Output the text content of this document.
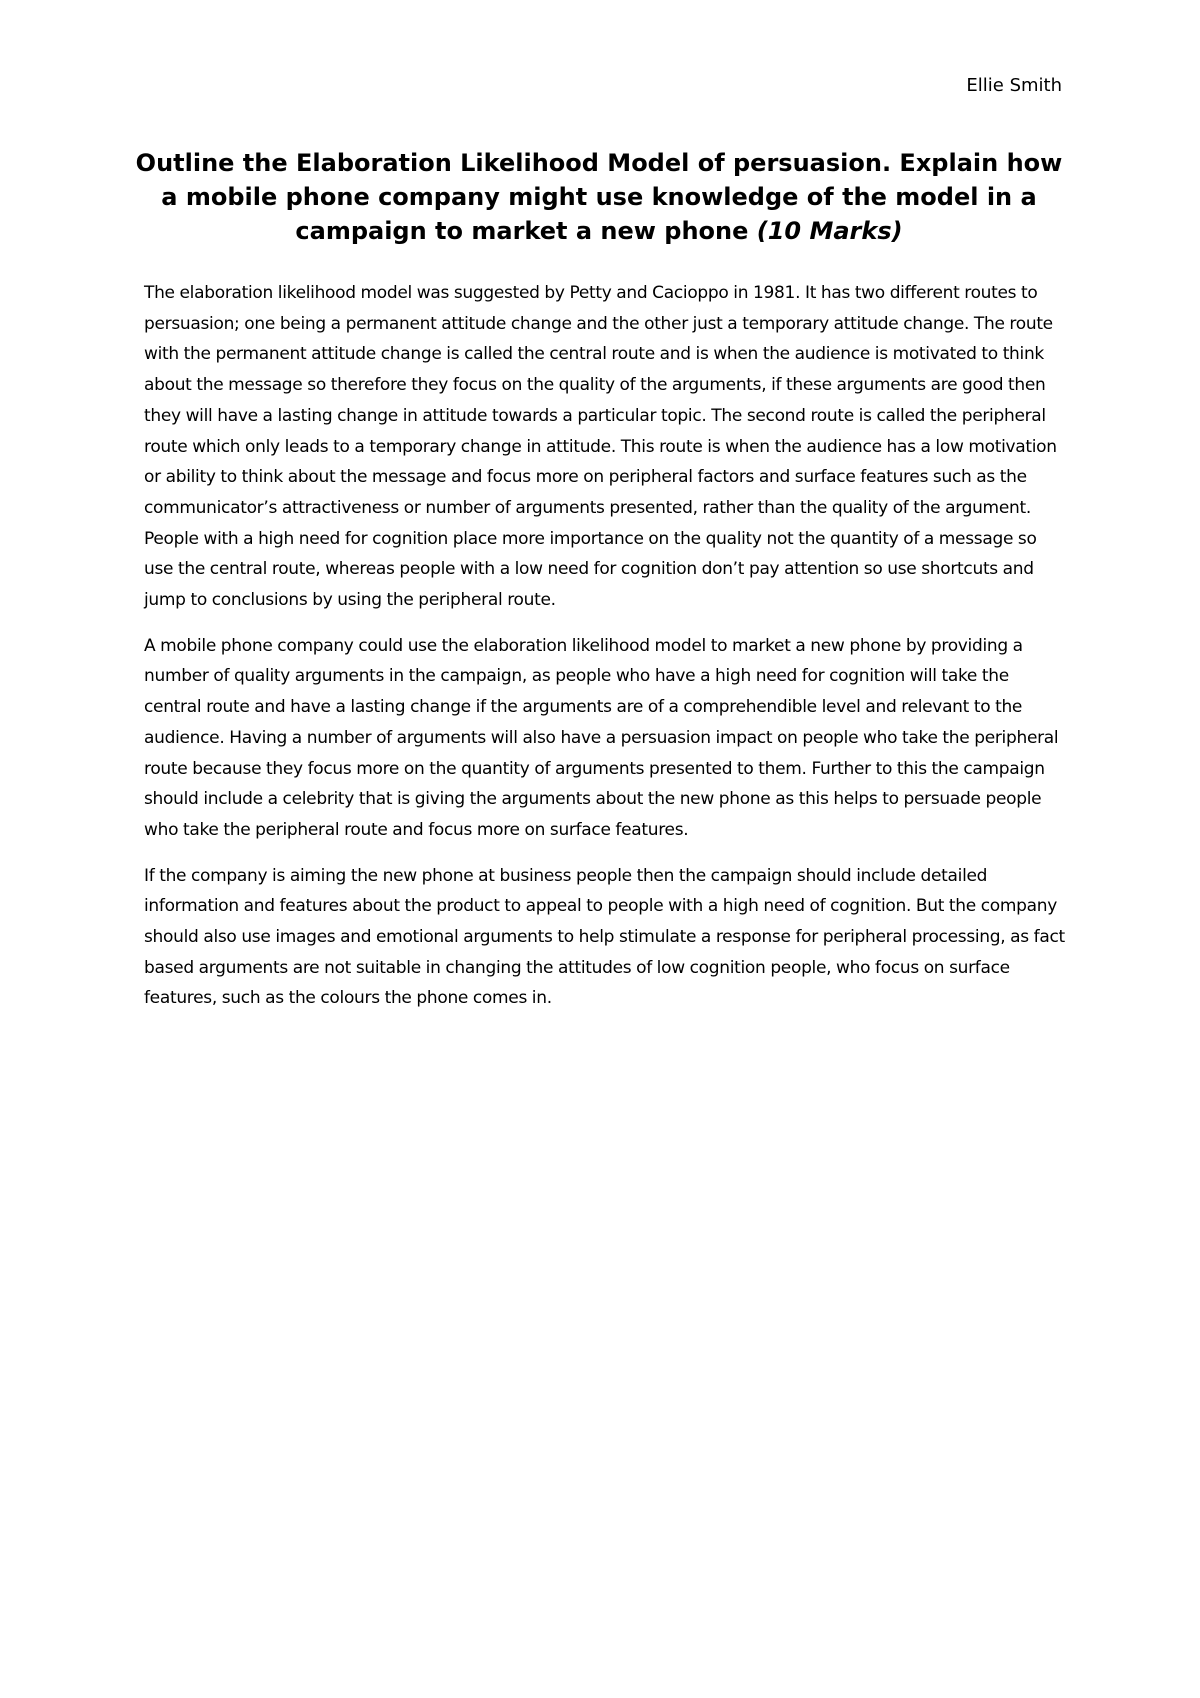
Ellie Smith

Outline the Elaboration Likelihood Model of persuasion. Explain how a mobile phone company might use knowledge of the model in a campaign to market a new phone (10 Marks)

The elaboration likelihood model was suggested by Petty and Cacioppo in 1981. It has two different routes to persuasion; one being a permanent attitude change and the other just a temporary attitude change. The route with the permanent attitude change is called the central route and is when the audience is motivated to think about the message so therefore they focus on the quality of the arguments, if these arguments are good then they will have a lasting change in attitude towards a particular topic. The second route is called the peripheral route which only leads to a temporary change in attitude. This route is when the audience has a low motivation or ability to think about the message and focus more on peripheral factors and surface features such as the communicator’s attractiveness or number of arguments presented, rather than the quality of the argument. People with a high need for cognition place more importance on the quality not the quantity of a message so use the central route, whereas people with a low need for cognition don’t pay attention so use shortcuts and jump to conclusions by using the peripheral route.

A mobile phone company could use the elaboration likelihood model to market a new phone by providing a number of quality arguments in the campaign, as people who have a high need for cognition will take the central route and have a lasting change if the arguments are of a comprehendible level and relevant to the audience. Having a number of arguments will also have a persuasion impact on people who take the peripheral route because they focus more on the quantity of arguments presented to them. Further to this the campaign should include a celebrity that is giving the arguments about the new phone as this helps to persuade people who take the peripheral route and focus more on surface features.

If the company is aiming the new phone at business people then the campaign should include detailed information and features about the product to appeal to people with a high need of cognition. But the company should also use images and emotional arguments to help stimulate a response for peripheral processing, as fact based arguments are not suitable in changing the attitudes of low cognition people, who focus on surface features, such as the colours the phone comes in.
